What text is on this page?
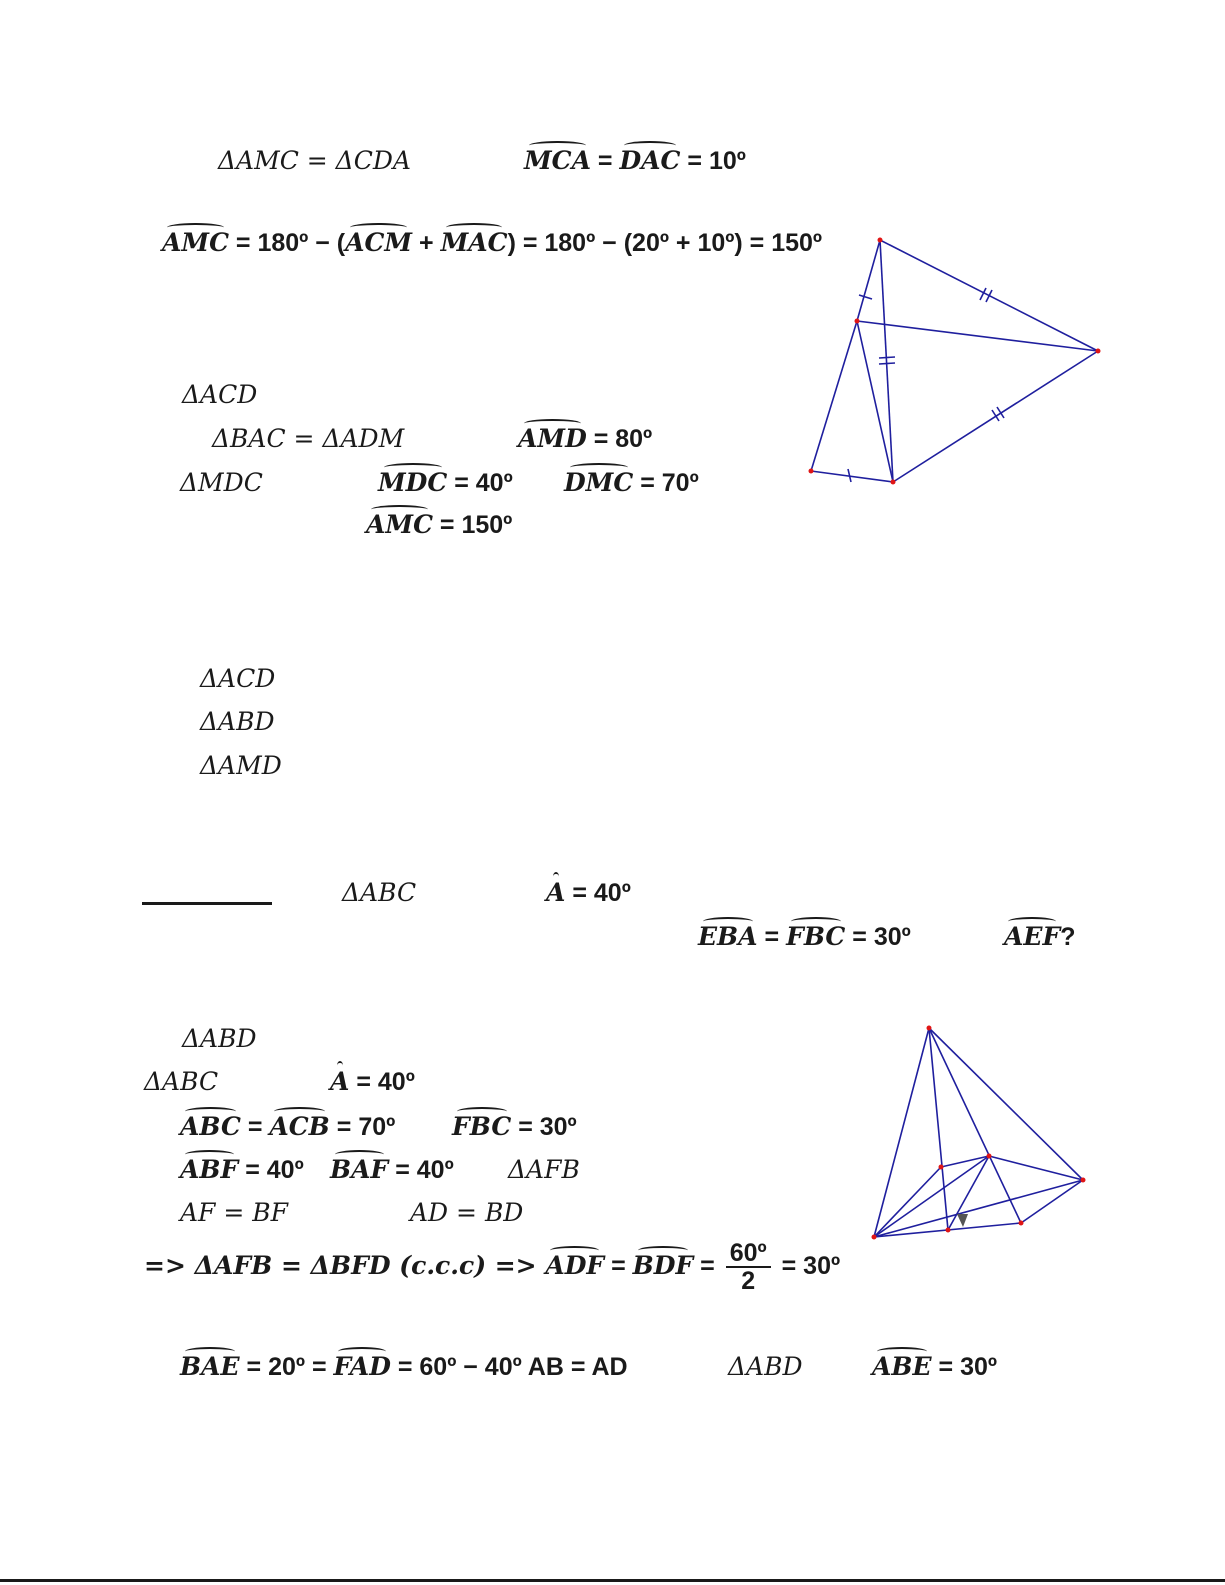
ΔAMC = ΔCDA	MCA = DAC = 10º
AMC = 180º − (ACM + MAC) = 180º − (20º + 10º) = 150º
ΔACD
ΔBAC = ΔADM	AMD = 80º
ΔMDC	MDC = 40º DMC = 70º
AMC = 150º
ΔACD
ΔABD
ΔAMD
ΔABC	A = 40º
EBA = FBC = 30º	AEF?
ΔABD
ΔABC	A = 40º
ABC = ACB = 70º FBC = 30º
ABF = 40º BAF = 40º ΔAFB
AF = BF	AD = BD
=> ΔAFB = ΔBFD (c.c.c) => ADF = BDF = $\frac{\text{60º}}{2}$ = 30º
BAE = 20º = FAD = 60º − 40º AB = AD	ΔABD	ABE = 30º
